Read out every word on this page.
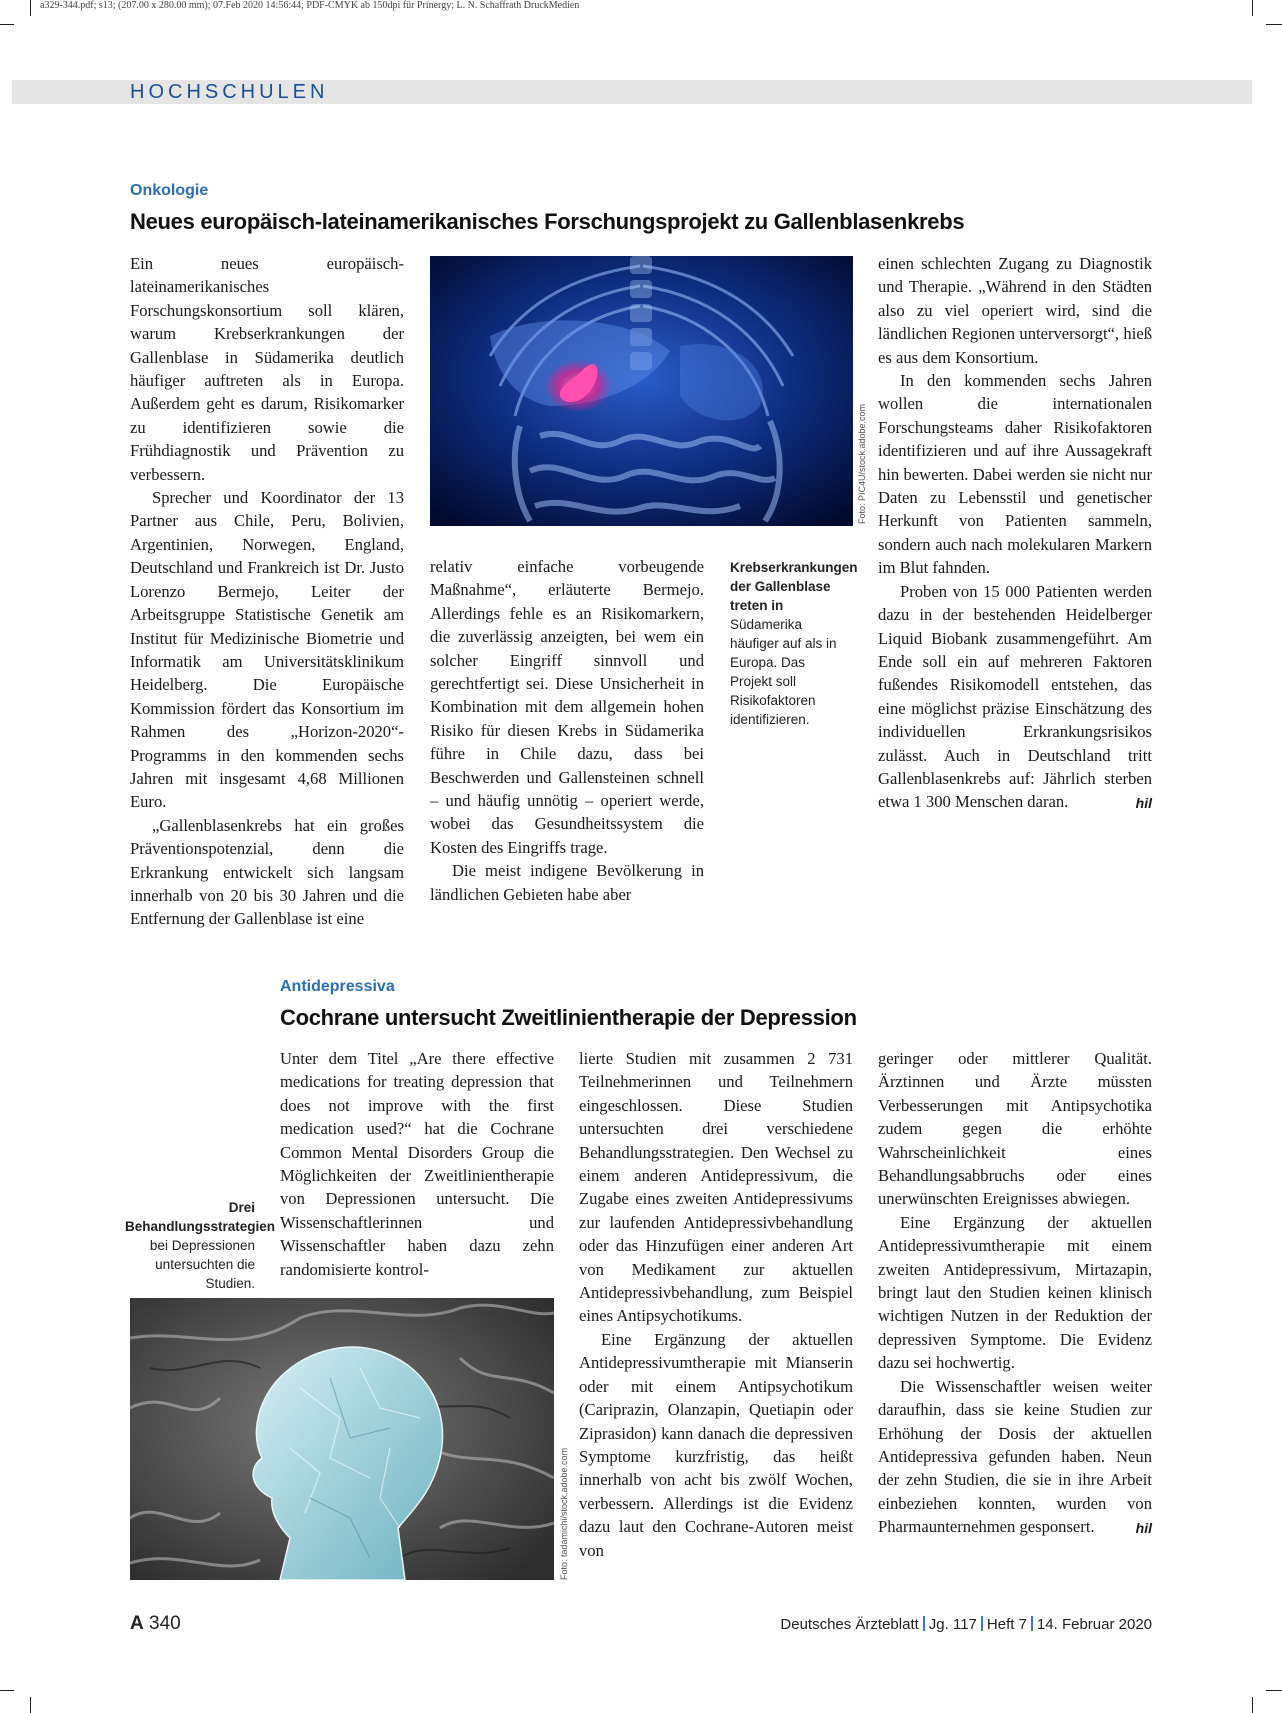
a329-344.pdf; s13; (207.00 x 280.00 mm); 07.Feb 2020 14:56:44; PDF-CMYK ab 150dpi für Prinergy; L. N. Schaffrath DruckMedien
HOCHSCHULEN
Onkologie
Neues europäisch-lateinamerikanisches Forschungsprojekt zu Gallenblasenkrebs

Ein neues europäisch-lateinamerikanisches Forschungskonsortium soll klären, warum Krebserkrankungen der Gallenblase in Südamerika deutlich häufiger auftreten als in Europa. Außerdem geht es darum, Risikomarker zu identifizieren sowie die Frühdiagnostik und Prävention zu verbessern.

Sprecher und Koordinator der 13 Partner aus Chile, Peru, Bolivien, Argentinien, Norwegen, England, Deutschland und Frankreich ist Dr. Justo Lorenzo Bermejo, Leiter der Arbeitsgruppe Statistische Genetik am Institut für Medizinische Biometrie und Informatik am Universitätsklinikum Heidelberg. Die Europäische Kommission fördert das Konsortium im Rahmen des „Horizon-2020“-Programms in den kommenden sechs Jahren mit insgesamt 4,68 Millionen Euro.

„Gallenblasenkrebs hat ein großes Präventionspotenzial, denn die Erkrankung entwickelt sich langsam innerhalb von 20 bis 30 Jahren und die Entfernung der Gallenblase ist eine

Foto: PIC4U/stock.adobe.com

relativ einfache vorbeugende Maßnahme“, erläuterte Bermejo. Allerdings fehle es an Risikomarkern, die zuverlässig anzeigten, bei wem ein solcher Eingriff sinnvoll und gerechtfertigt sei. Diese Unsicherheit in Kombination mit dem allgemein hohen Risiko für diesen Krebs in Südamerika führe in Chile dazu, dass bei Beschwerden und Gallensteinen schnell – und häufig unnötig – operiert werde, wobei das Gesundheitssystem die Kosten des Eingriffs trage.

Die meist indigene Bevölkerung in ländlichen Gebieten habe aber

Krebserkrankungen der Gallenblase treten in Südamerika häufiger auf als in Europa. Das Projekt soll Risikofaktoren identifizieren.

einen schlechten Zugang zu Diagnostik und Therapie. „Während in den Städten also zu viel operiert wird, sind die ländlichen Regionen unterversorgt“, hieß es aus dem Konsortium.

In den kommenden sechs Jahren wollen die internationalen Forschungsteams daher Risikofaktoren identifizieren und auf ihre Aussagekraft hin bewerten. Dabei werden sie nicht nur Daten zu Lebensstil und genetischer Herkunft von Patienten sammeln, sondern auch nach molekularen Markern im Blut fahnden.

Proben von 15 000 Patienten werden dazu in der bestehenden Heidelberger Liquid Biobank zusammengeführt. Am Ende soll ein auf mehreren Faktoren fußendes Risikomodell entstehen, das eine möglichst präzise Einschätzung des individuellen Erkrankungsrisikos zulässt. Auch in Deutschland tritt Gallenblasenkrebs auf: Jährlich sterben etwa 1 300 Menschen daran.	hil

Antidepressiva
Cochrane untersucht Zweitlinientherapie der Depression
Drei Behandlungsstrategien bei Depressionen untersuchten die Studien.
Foto: tadamichi/stock.adobe.com

Unter dem Titel „Are there effective medications for treating depression that does not improve with the first medication used?“ hat die Cochrane Common Mental Disorders Group die Möglichkeiten der Zweitlinientherapie von Depressionen untersucht. Die Wissenschaftlerinnen und Wissenschaftler haben dazu zehn randomisierte kontrol-

lierte Studien mit zusammen 2 731 Teilnehmerinnen und Teilnehmern eingeschlossen. Diese Studien untersuchten drei verschiedene Behandlungsstrategien. Den Wechsel zu einem anderen Antidepressivum, die Zugabe eines zweiten Antidepressivums zur laufenden Antidepressivbehandlung oder das Hinzufügen einer anderen Art von Medikament zur aktuellen Antidepressivbehandlung, zum Beispiel eines Antipsychotikums.

Eine Ergänzung der aktuellen Antidepressivumtherapie mit Mianserin oder mit einem Antipsychotikum (Cariprazin, Olanzapin, Quetiapin oder Ziprasidon) kann danach die depressiven Symptome kurzfristig, das heißt innerhalb von acht bis zwölf Wochen, verbessern. Allerdings ist die Evidenz dazu laut den Cochrane-Autoren meist von

geringer oder mittlerer Qualität. Ärztinnen und Ärzte müssten Verbesserungen mit Antipsychotika zudem gegen die erhöhte Wahrscheinlichkeit eines Behandlungsabbruchs oder eines unerwünschten Ereignisses abwiegen.

Eine Ergänzung der aktuellen Antidepressivumtherapie mit einem zweiten Antidepressivum, Mirtazapin, bringt laut den Studien keinen klinisch wichtigen Nutzen in der Reduktion der depressiven Symptome. Die Evidenz dazu sei hochwertig.

Die Wissenschaftler weisen weiter daraufhin, dass sie keine Studien zur Erhöhung der Dosis der aktuellen Antidepressiva gefunden haben. Neun der zehn Studien, die sie in ihre Arbeit einbeziehen konnten, wurden von Pharmaunternehmen gesponsert.	hil

A 340	Deutsches Ärzteblatt Jg. 117 Heft 7 14. Februar 2020
